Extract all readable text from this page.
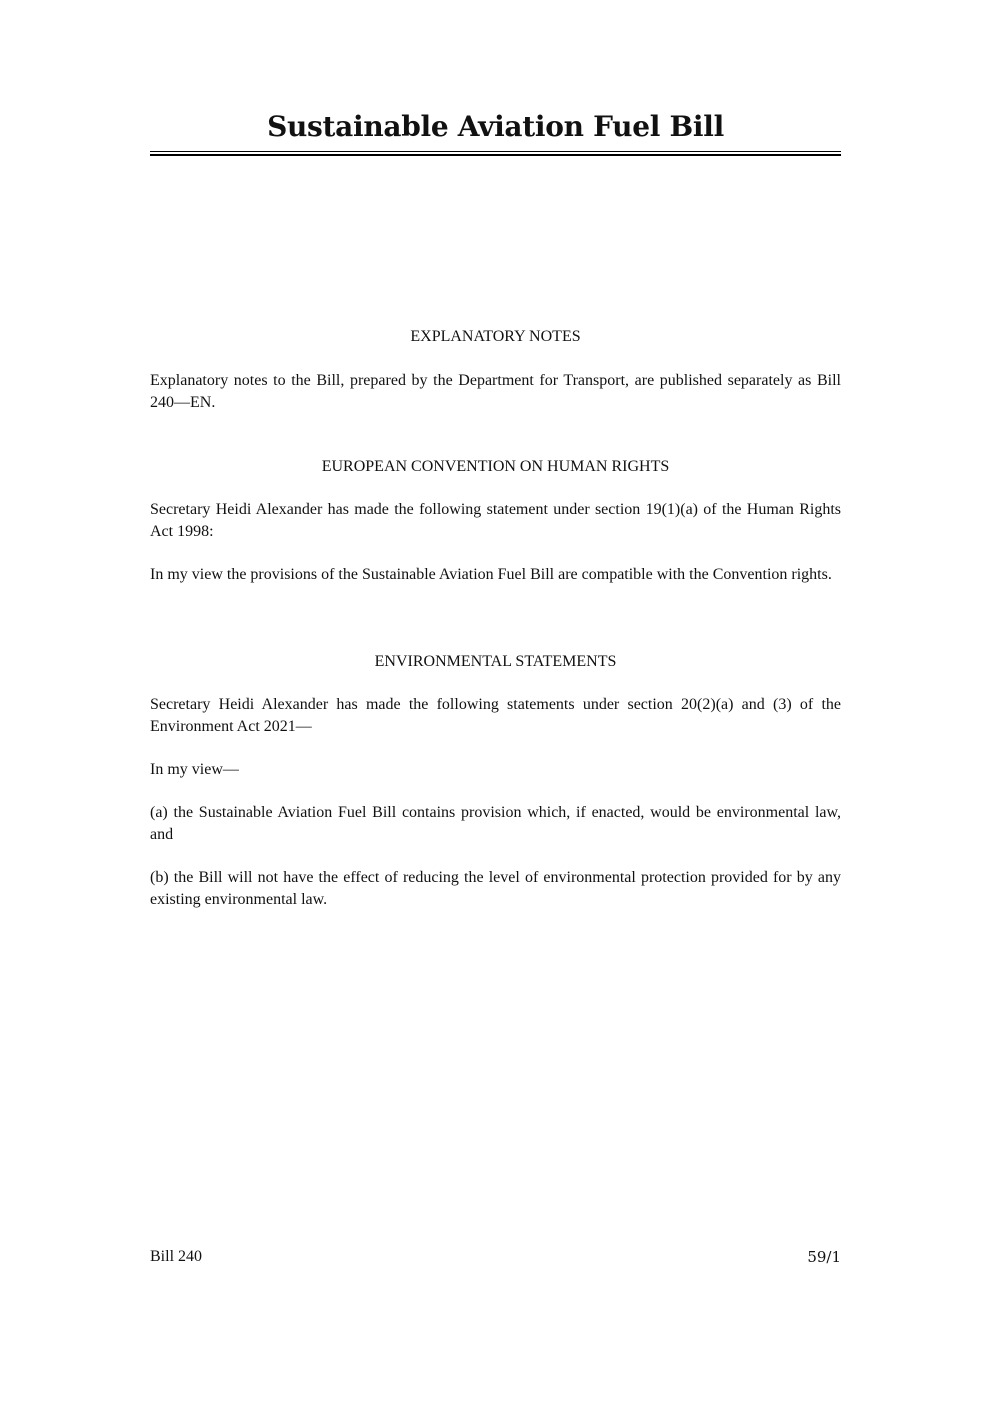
Sustainable Aviation Fuel Bill
EXPLANATORY NOTES

Explanatory notes to the Bill, prepared by the Department for Transport, are published separately as Bill 240—EN.

EUROPEAN CONVENTION ON HUMAN RIGHTS

Secretary Heidi Alexander has made the following statement under section 19(1)(a) of the Human Rights Act 1998:

In my view the provisions of the Sustainable Aviation Fuel Bill are compatible with the Convention rights.

ENVIRONMENTAL STATEMENTS

Secretary Heidi Alexander has made the following statements under section 20(2)(a) and (3) of the Environment Act 2021—

In my view—

(a) the Sustainable Aviation Fuel Bill contains provision which, if enacted, would be environmental law, and

(b) the Bill will not have the effect of reducing the level of environmental protection provided for by any existing environmental law.

Bill 240	59/1
